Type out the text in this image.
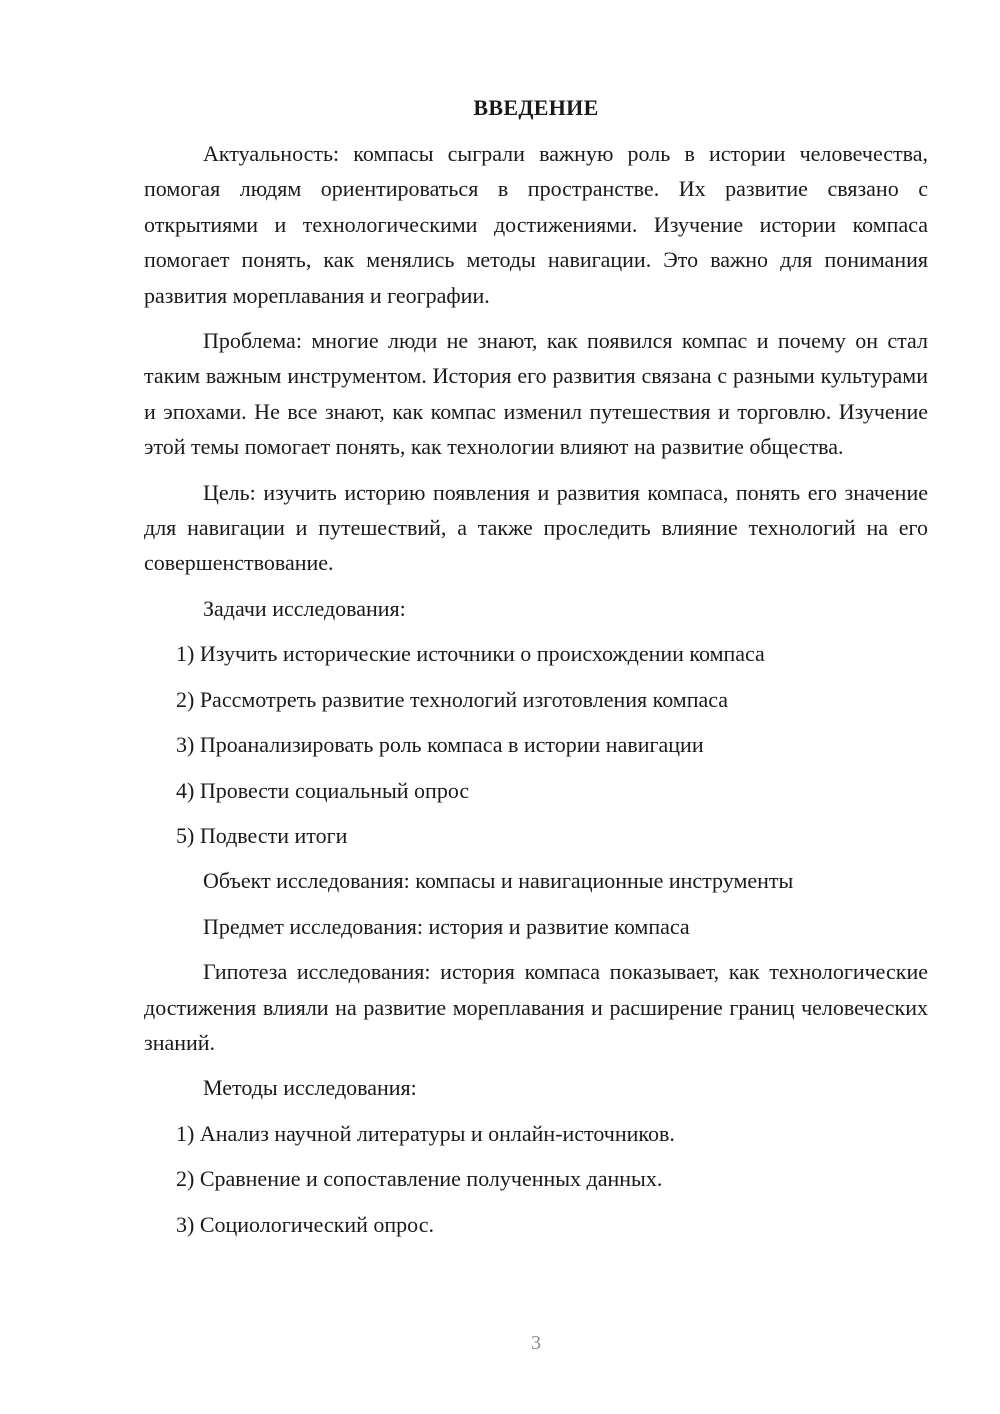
ВВЕДЕНИЕ

Актуальность: компасы сыграли важную роль в истории человечества, помогая людям ориентироваться в пространстве. Их развитие связано с открытиями и технологическими достижениями. Изучение истории компаса помогает понять, как менялись методы навигации. Это важно для понимания развития мореплавания и географии.

Проблема: многие люди не знают, как появился компас и почему он стал таким важным инструментом. История его развития связана с разными культурами и эпохами. Не все знают, как компас изменил путешествия и торговлю. Изучение этой темы помогает понять, как технологии влияют на развитие общества.

Цель: изучить историю появления и развития компаса, понять его значение для навигации и путешествий, а также проследить влияние технологий на его совершенствование.

Задачи исследования:

1) Изучить исторические источники о происхождении компаса
2) Рассмотреть развитие технологий изготовления компаса
3) Проанализировать роль компаса в истории навигации
4) Провести социальный опрос
5) Подвести итоги

Объект исследования: компасы и навигационные инструменты

Предмет исследования: история и развитие компаса

Гипотеза исследования: история компаса показывает, как технологические достижения влияли на развитие мореплавания и расширение границ человеческих знаний.

Методы исследования:

1) Анализ научной литературы и онлайн-источников.
2) Сравнение и сопоставление полученных данных.
3) Социологический опрос.
3
